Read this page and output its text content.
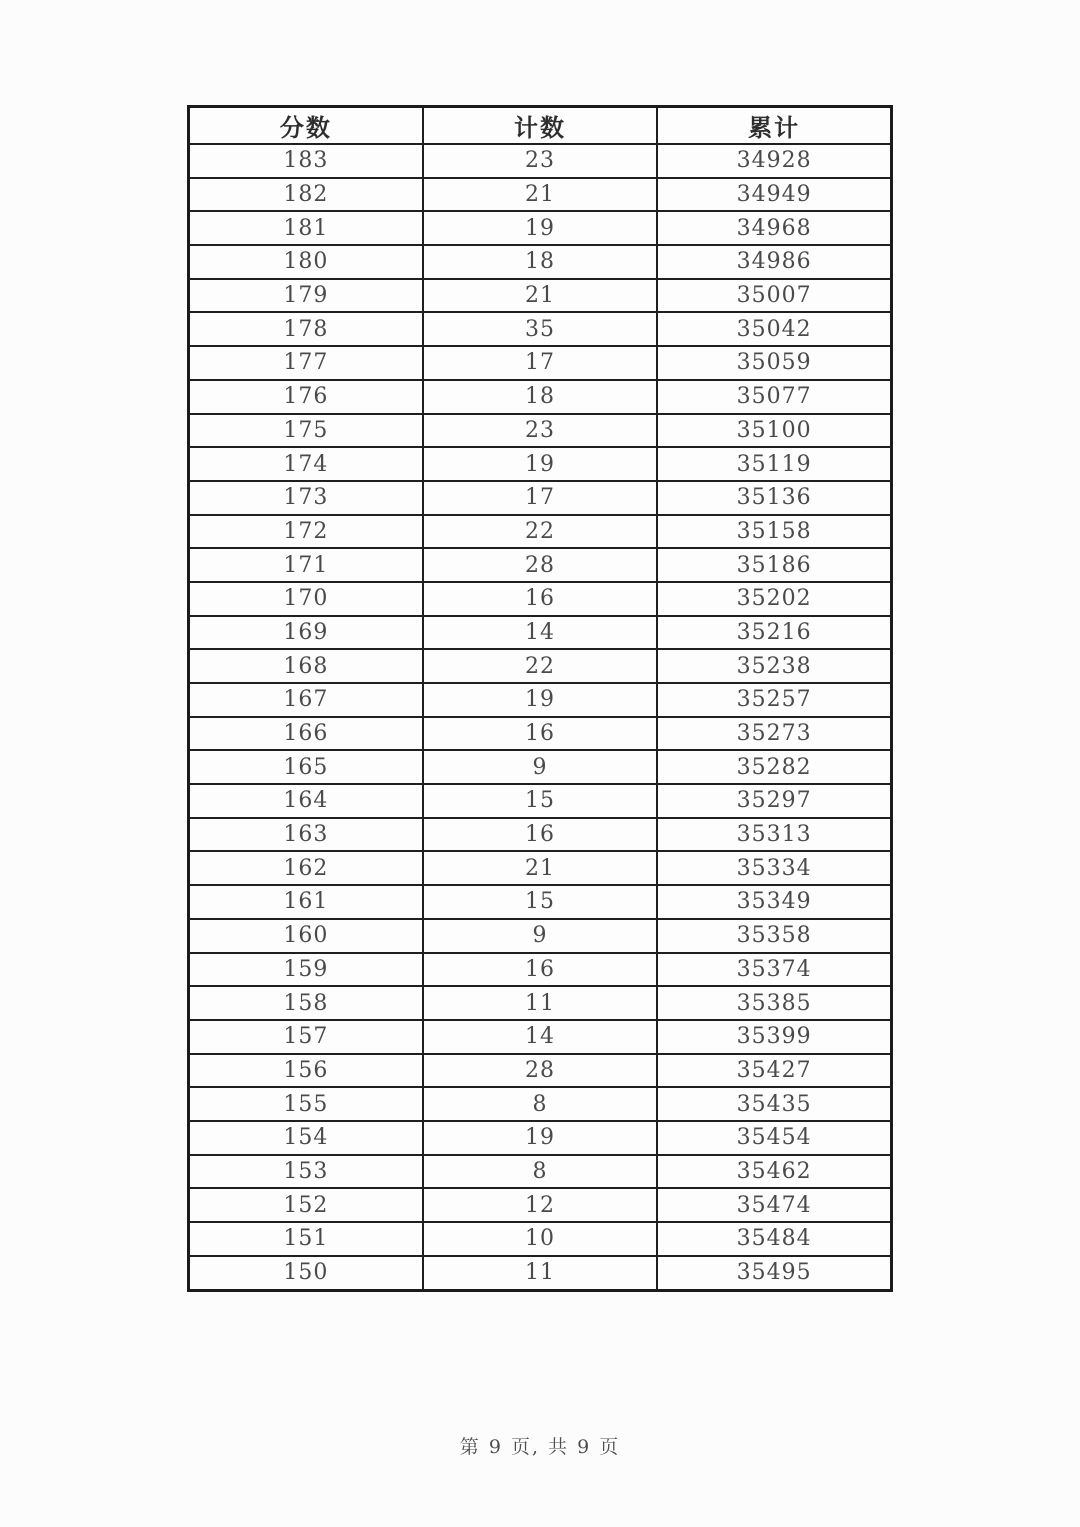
分数	计数	累计
183	23	34928
182	21	34949
181	19	34968
180	18	34986
179	21	35007
178	35	35042
177	17	35059
176	18	35077
175	23	35100
174	19	35119
173	17	35136
172	22	35158
171	28	35186
170	16	35202
169	14	35216
168	22	35238
167	19	35257
166	16	35273
165	9	35282
164	15	35297
163	16	35313
162	21	35334
161	15	35349
160	9	35358
159	16	35374
158	11	35385
157	14	35399
156	28	35427
155	8	35435
154	19	35454
153	8	35462
152	12	35474
151	10	35484
150	11	35495
第 9 页, 共 9 页
